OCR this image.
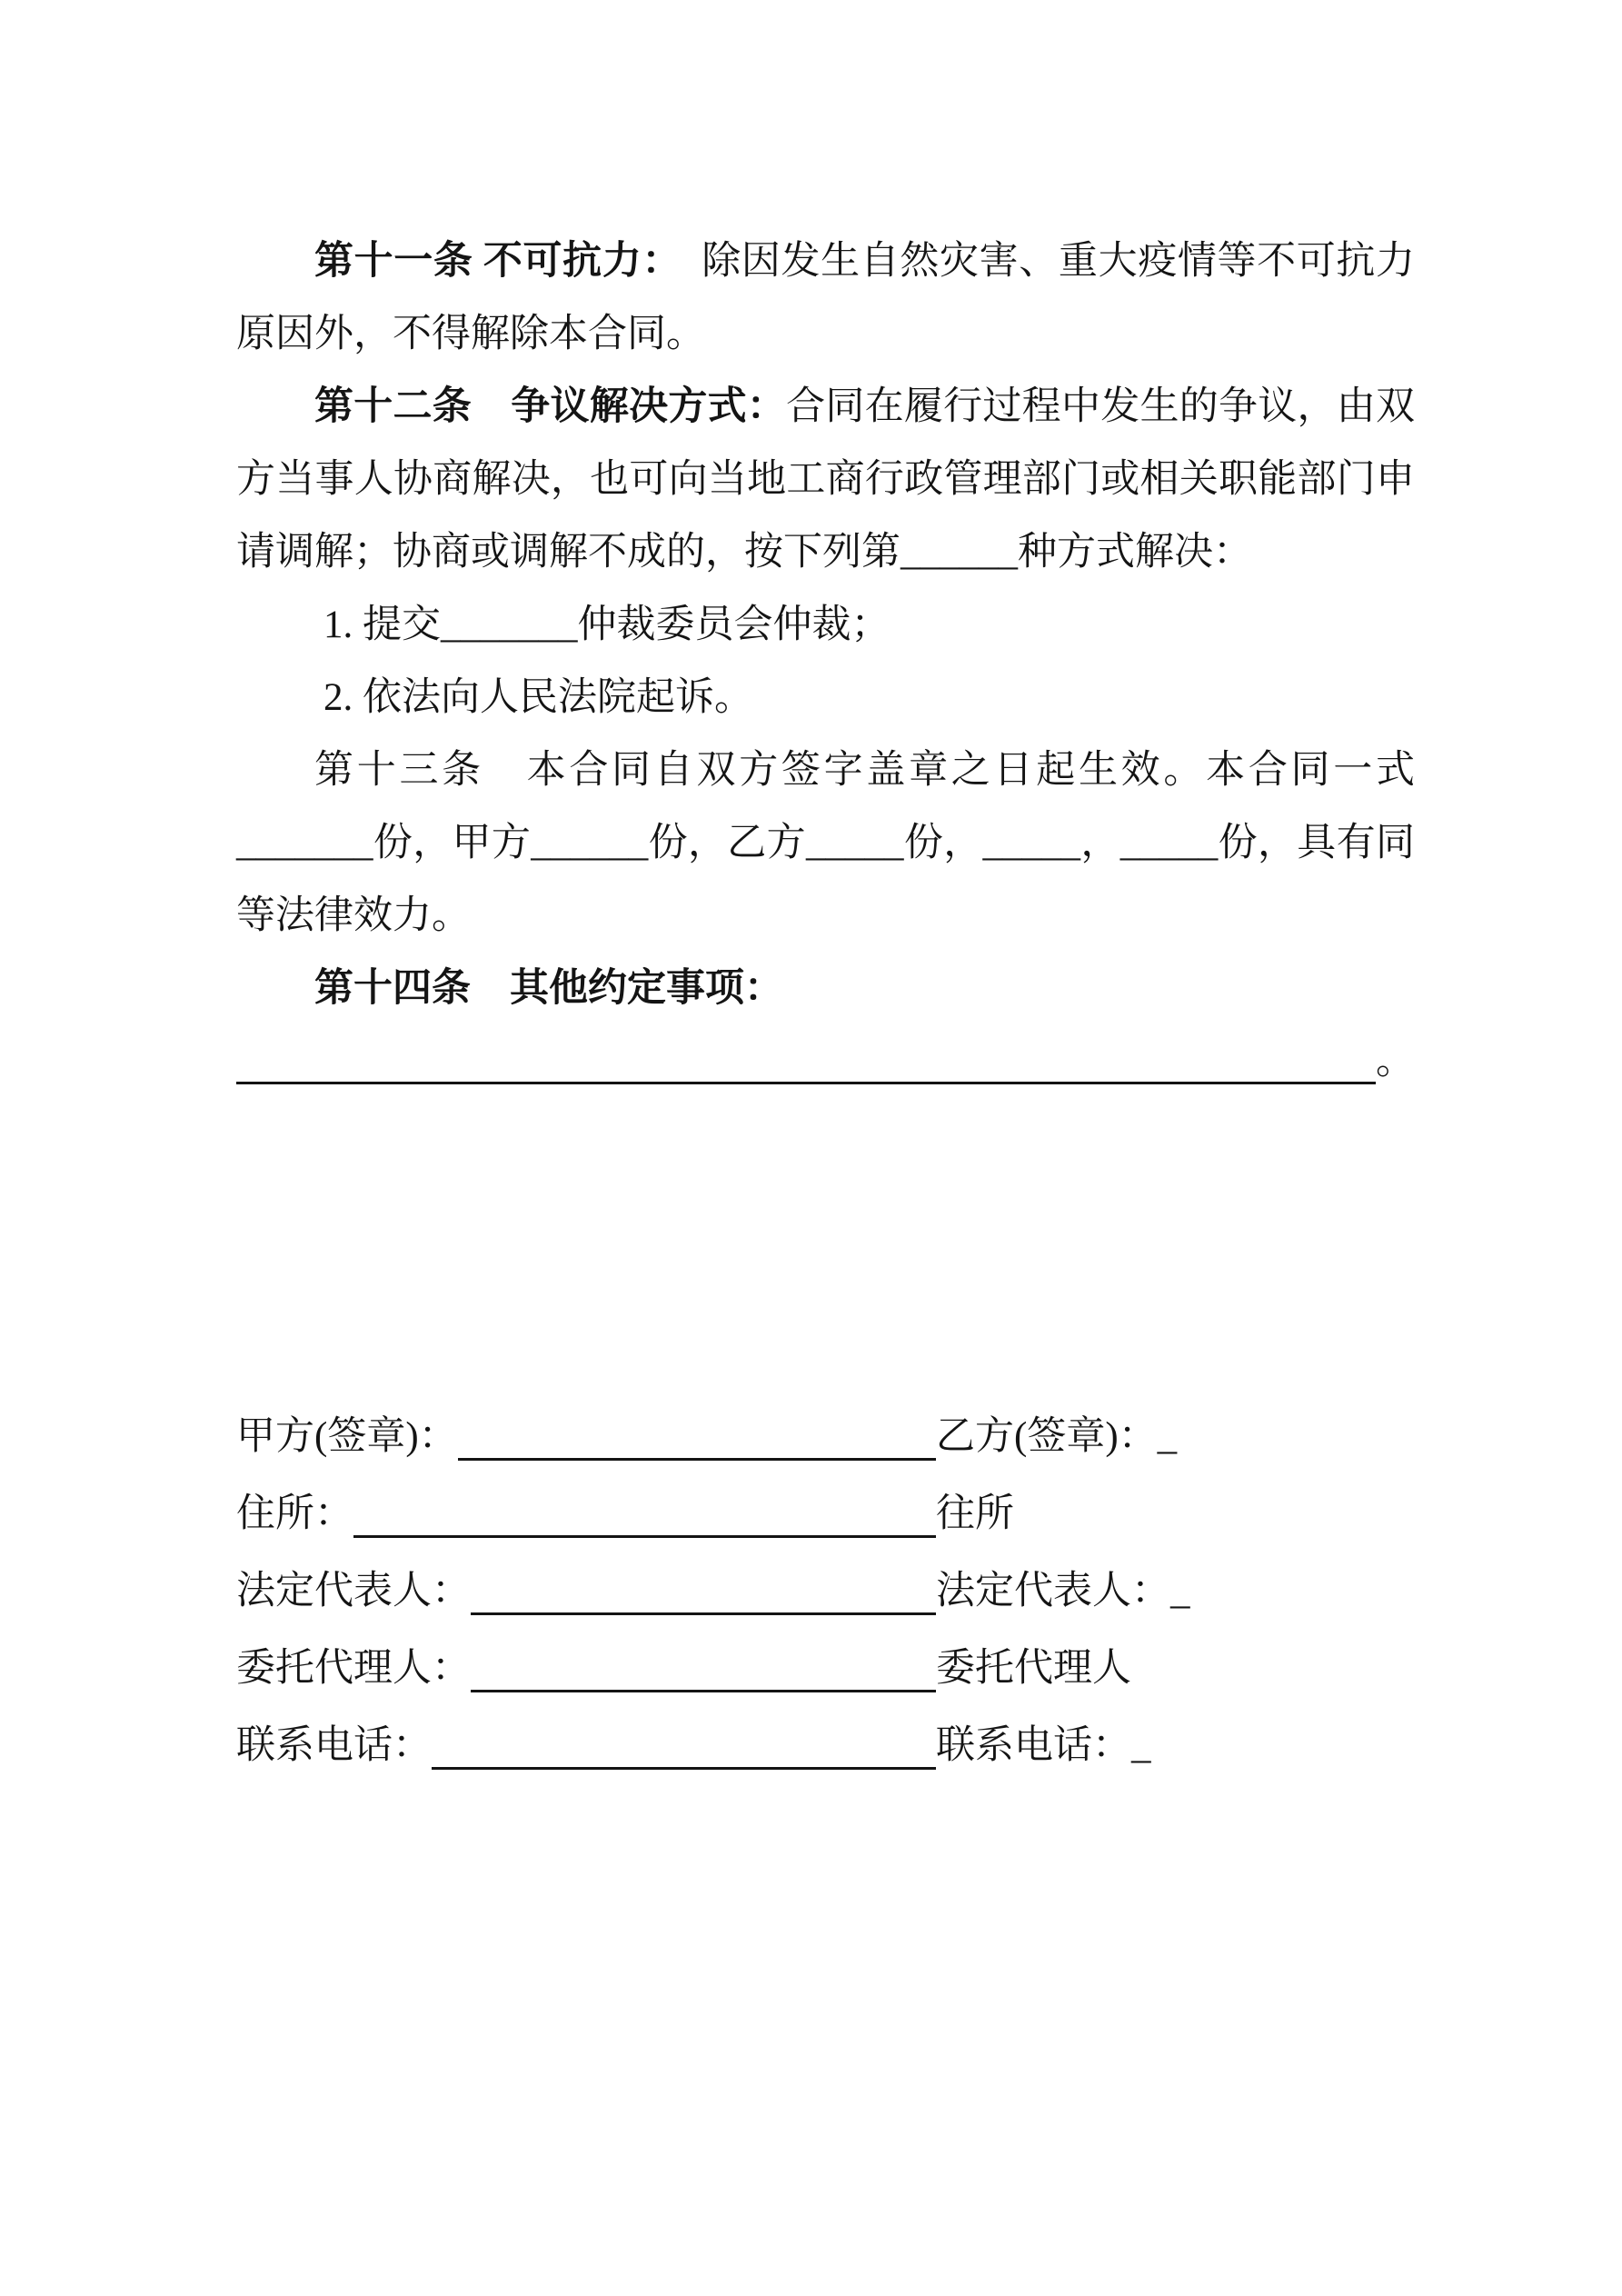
第十一条 不可抗力：　除因发生自然灾害、重大疫情等不可抗力原因外，不得解除本合同。

第十二条　争议解决方式：合同在履行过程中发生的争议，由双方当事人协商解决，也可向当地工商行政管理部门或相关职能部门申请调解；协商或调解不成的，按下列第______种方式解决：

1. 提交_______仲裁委员会仲裁；

2. 依法向人民法院起诉。

第十三条　本合同自双方签字盖章之日起生效。本合同一式_______份，甲方______份，乙方_____份，_____，_____份，具有同等法律效力。

第十四条　其他约定事项：

。
甲方(签章)：
住所：
法定代表人：
委托代理人：
联系电话：
乙方(签章)： _
往所
法定代表人： _
委托代理人
联系电话： _
